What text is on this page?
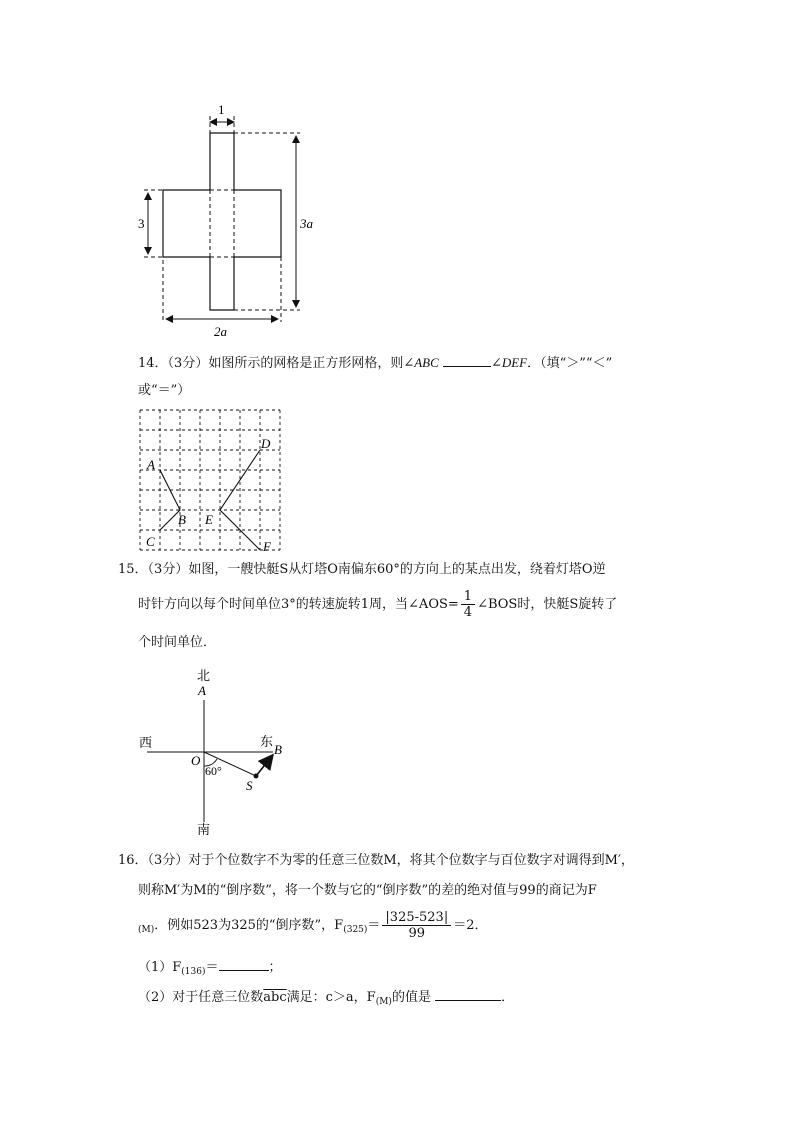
1
3	3a
2a
14．（3分）如图所示的网格是正方形网格，则∠ABC	∠DEF．（填“＞”“＜”
或“＝”）
A
B
C
D
E
F
15．（3分）如图，一艘快艇S从灯塔O南偏东60°的方向上的某点出发，绕着灯塔O逆
时针方向以每个时间单位3°的转速旋转1周，当∠AOS= $\frac{1}{4}$ ∠BOS时，快艇S旋转了
个时间单位．
北
A
西	东
B
O
60°
S
南
16．（3分）对于个位数字不为零的任意三位数M，将其个位数字与百位数字对调得到M′，
则称M′为M的“倒序数”，将一个数与它的“倒序数”的差的绝对值与99的商记为F
$_{(M)}$．例如523为325的“倒序数”，$F_{(325)}= \frac{|325-523|}{99} =2$．
$(1)F_{(136)}=$	；
（2）对于任意三位数$\overline{abc}$满足：c＞a，$F_{(M)}$的值是	．
